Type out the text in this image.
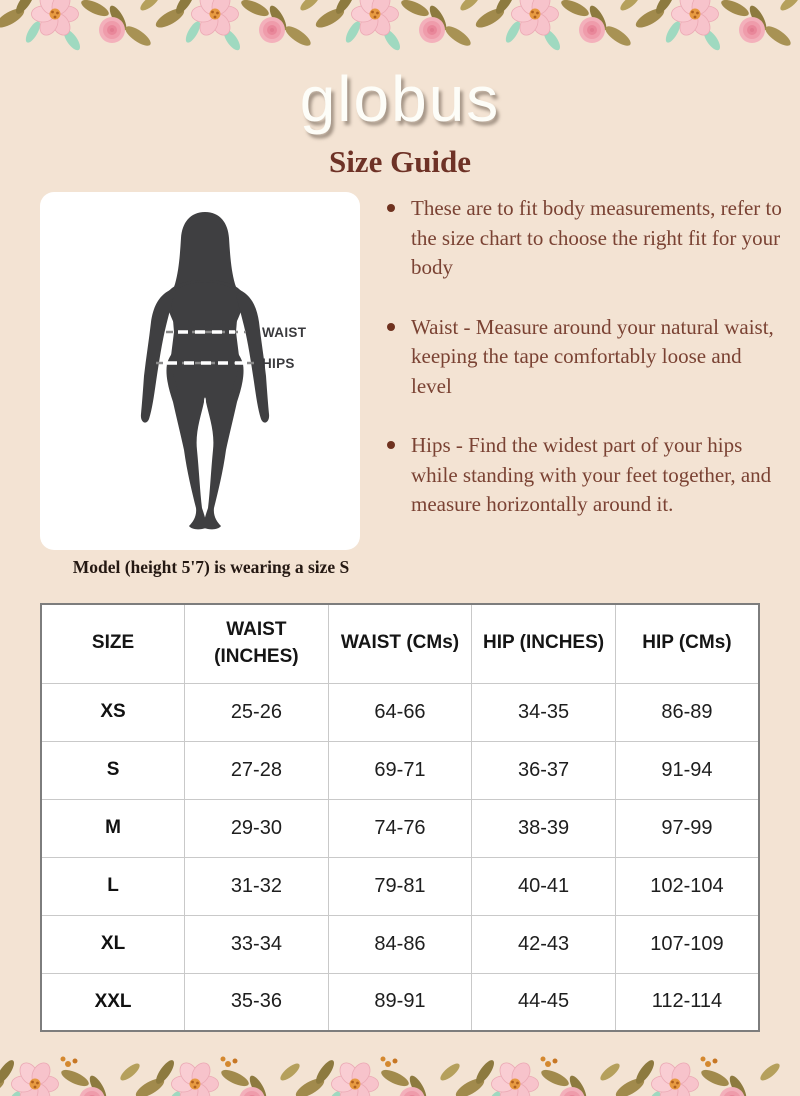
globus
Size Guide
WAIST
HIPS
Model (height 5'7) is wearing a size S
These are to fit body measurements, refer to the size chart to choose the right fit for your body
Waist - Measure around your natural waist, keeping the tape comfortably loose and level
Hips - Find the widest part of your hips while standing with your feet together, and measure horizontally around it.
SIZE	WAIST (INCHES)	WAIST (CMs)	HIP (INCHES)	HIP (CMs)
XS	25-26	64-66	34-35	86-89
S	27-28	69-71	36-37	91-94
M	29-30	74-76	38-39	97-99
L	31-32	79-81	40-41	102-104
XL	33-34	84-86	42-43	107-109
XXL	35-36	89-91	44-45	112-114
